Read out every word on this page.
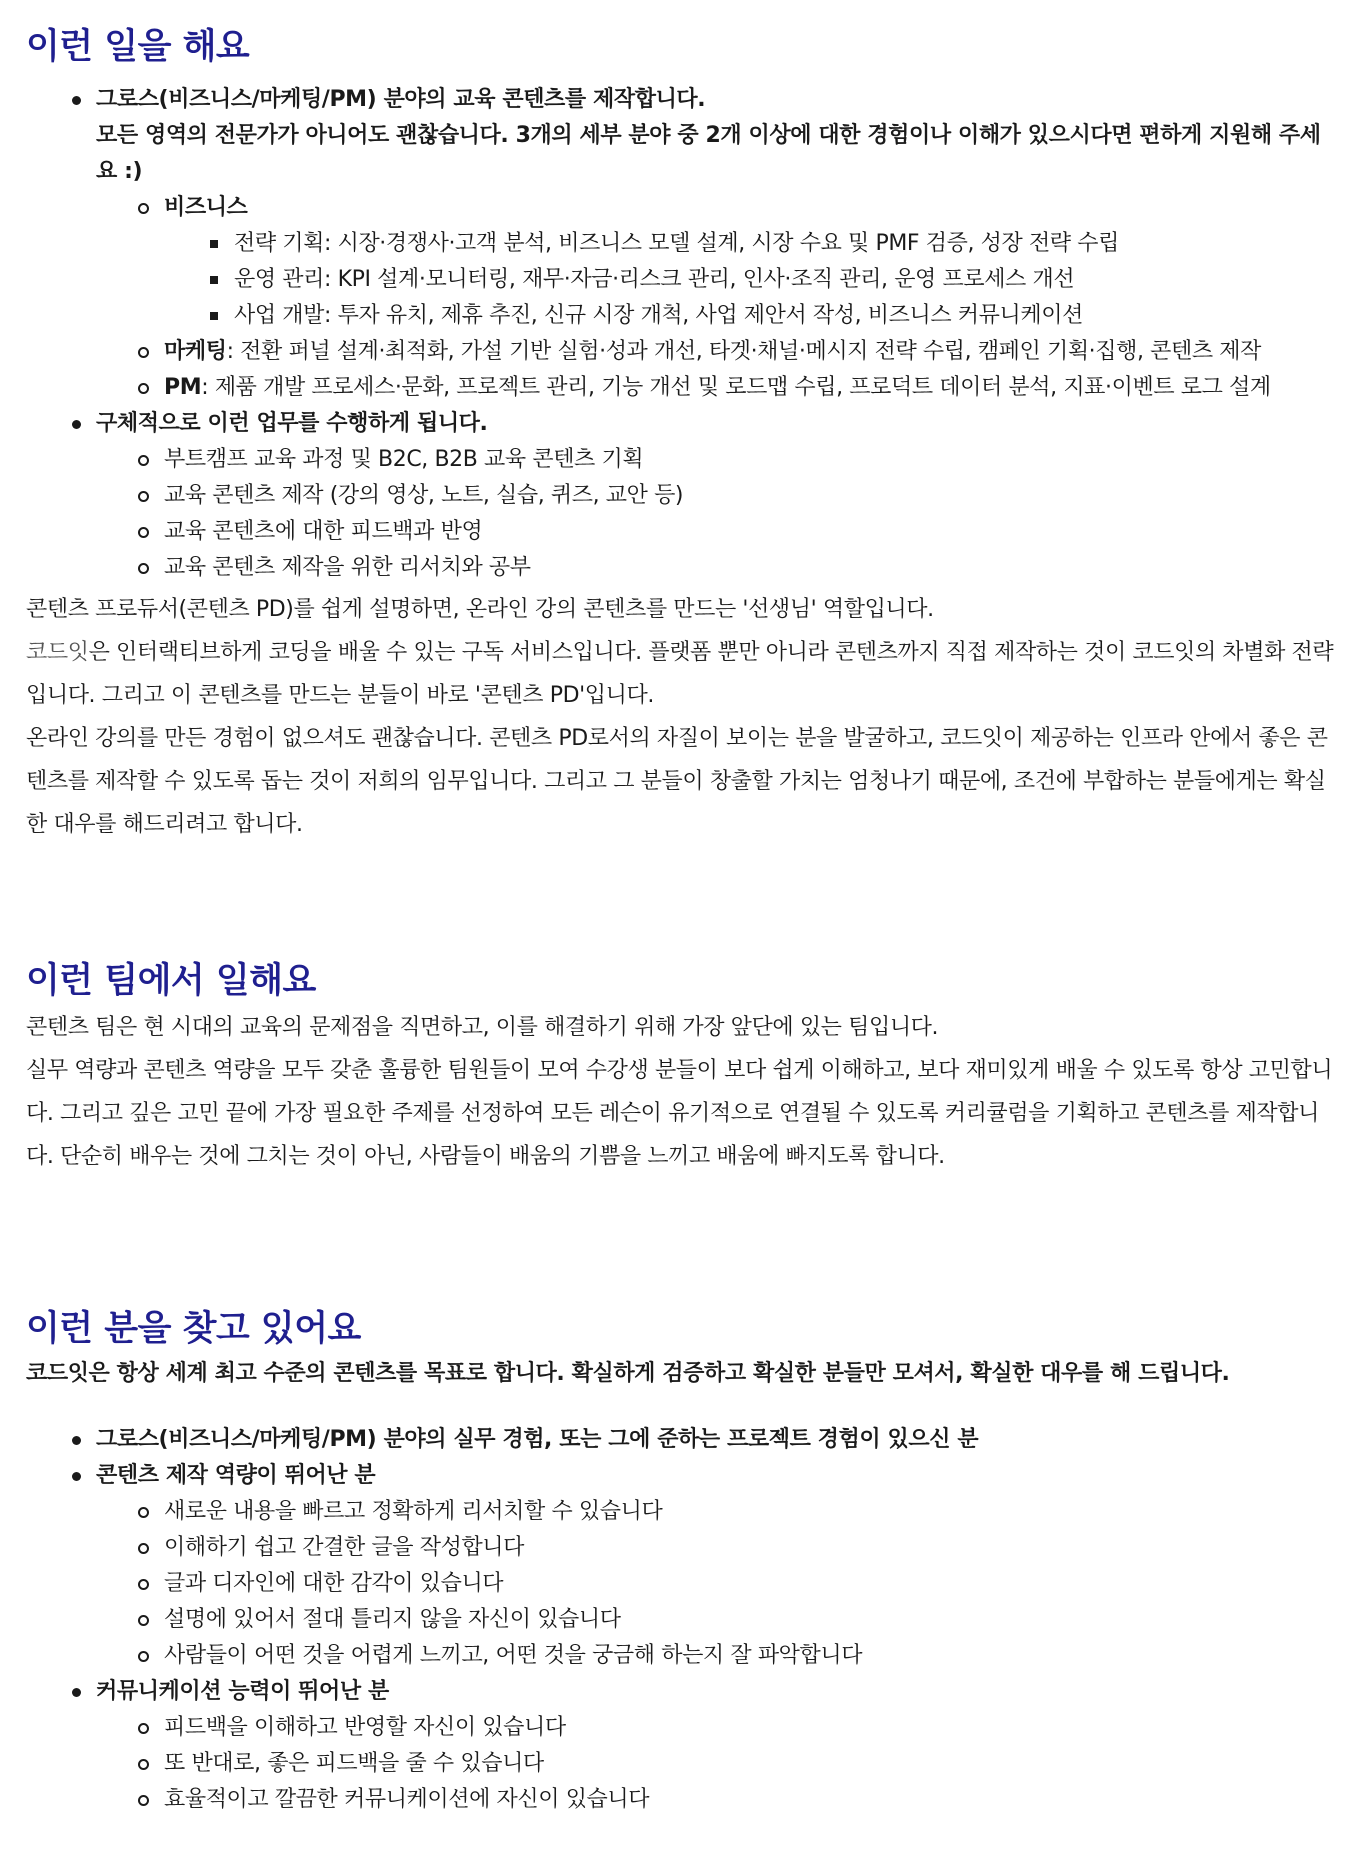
이런 일을 해요
그로스(비즈니스/마케팅/PM) 분야의 교육 콘텐츠를 제작합니다.
모든 영역의 전문가가 아니어도 괜찮습니다. 3개의 세부 분야 중 2개 이상에 대한 경험이나 이해가 있으시다면 편하게 지원해 주세요 :)
비즈니스
전략 기획: 시장·경쟁사·고객 분석, 비즈니스 모델 설계, 시장 수요 및 PMF 검증, 성장 전략 수립
운영 관리: KPI 설계·모니터링, 재무·자금·리스크 관리, 인사·조직 관리, 운영 프로세스 개선
사업 개발: 투자 유치, 제휴 추진, 신규 시장 개척, 사업 제안서 작성, 비즈니스 커뮤니케이션
마케팅: 전환 퍼널 설계·최적화, 가설 기반 실험·성과 개선, 타겟·채널·메시지 전략 수립, 캠페인 기획·집행, 콘텐츠 제작
PM: 제품 개발 프로세스·문화, 프로젝트 관리, 기능 개선 및 로드맵 수립, 프로덕트 데이터 분석, 지표·이벤트 로그 설계
구체적으로 이런 업무를 수행하게 됩니다.
부트캠프 교육 과정 및 B2C, B2B 교육 콘텐츠 기획
교육 콘텐츠 제작 (강의 영상, 노트, 실습, 퀴즈, 교안 등)
교육 콘텐츠에 대한 피드백과 반영
교육 콘텐츠 제작을 위한 리서치와 공부

콘텐츠 프로듀서(콘텐츠 PD)를 쉽게 설명하면, 온라인 강의 콘텐츠를 만드는 '선생님' 역할입니다.

코드잇은 인터랙티브하게 코딩을 배울 수 있는 구독 서비스입니다. 플랫폼 뿐만 아니라 콘텐츠까지 직접 제작하는 것이 코드잇의 차별화 전략입니다. 그리고 이 콘텐츠를 만드는 분들이 바로 '콘텐츠 PD'입니다.

온라인 강의를 만든 경험이 없으셔도 괜찮습니다. 콘텐츠 PD로서의 자질이 보이는 분을 발굴하고, 코드잇이 제공하는 인프라 안에서 좋은 콘텐츠를 제작할 수 있도록 돕는 것이 저희의 임무입니다. 그리고 그 분들이 창출할 가치는 엄청나기 때문에, 조건에 부합하는 분들에게는 확실한 대우를 해드리려고 합니다.

이런 팀에서 일해요

콘텐츠 팀은 현 시대의 교육의 문제점을 직면하고, 이를 해결하기 위해 가장 앞단에 있는 팀입니다.

실무 역량과 콘텐츠 역량을 모두 갖춘 훌륭한 팀원들이 모여 수강생 분들이 보다 쉽게 이해하고, 보다 재미있게 배울 수 있도록 항상 고민합니다. 그리고 깊은 고민 끝에 가장 필요한 주제를 선정하여 모든 레슨이 유기적으로 연결될 수 있도록 커리큘럼을 기획하고 콘텐츠를 제작합니다. 단순히 배우는 것에 그치는 것이 아닌, 사람들이 배움의 기쁨을 느끼고 배움에 빠지도록 합니다.

이런 분을 찾고 있어요

코드잇은 항상 세계 최고 수준의 콘텐츠를 목표로 합니다. 확실하게 검증하고 확실한 분들만 모셔서, 확실한 대우를 해 드립니다.

그로스(비즈니스/마케팅/PM) 분야의 실무 경험, 또는 그에 준하는 프로젝트 경험이 있으신 분
콘텐츠 제작 역량이 뛰어난 분
새로운 내용을 빠르고 정확하게 리서치할 수 있습니다
이해하기 쉽고 간결한 글을 작성합니다
글과 디자인에 대한 감각이 있습니다
설명에 있어서 절대 틀리지 않을 자신이 있습니다
사람들이 어떤 것을 어렵게 느끼고, 어떤 것을 궁금해 하는지 잘 파악합니다
커뮤니케이션 능력이 뛰어난 분
피드백을 이해하고 반영할 자신이 있습니다
또 반대로, 좋은 피드백을 줄 수 있습니다
효율적이고 깔끔한 커뮤니케이션에 자신이 있습니다
